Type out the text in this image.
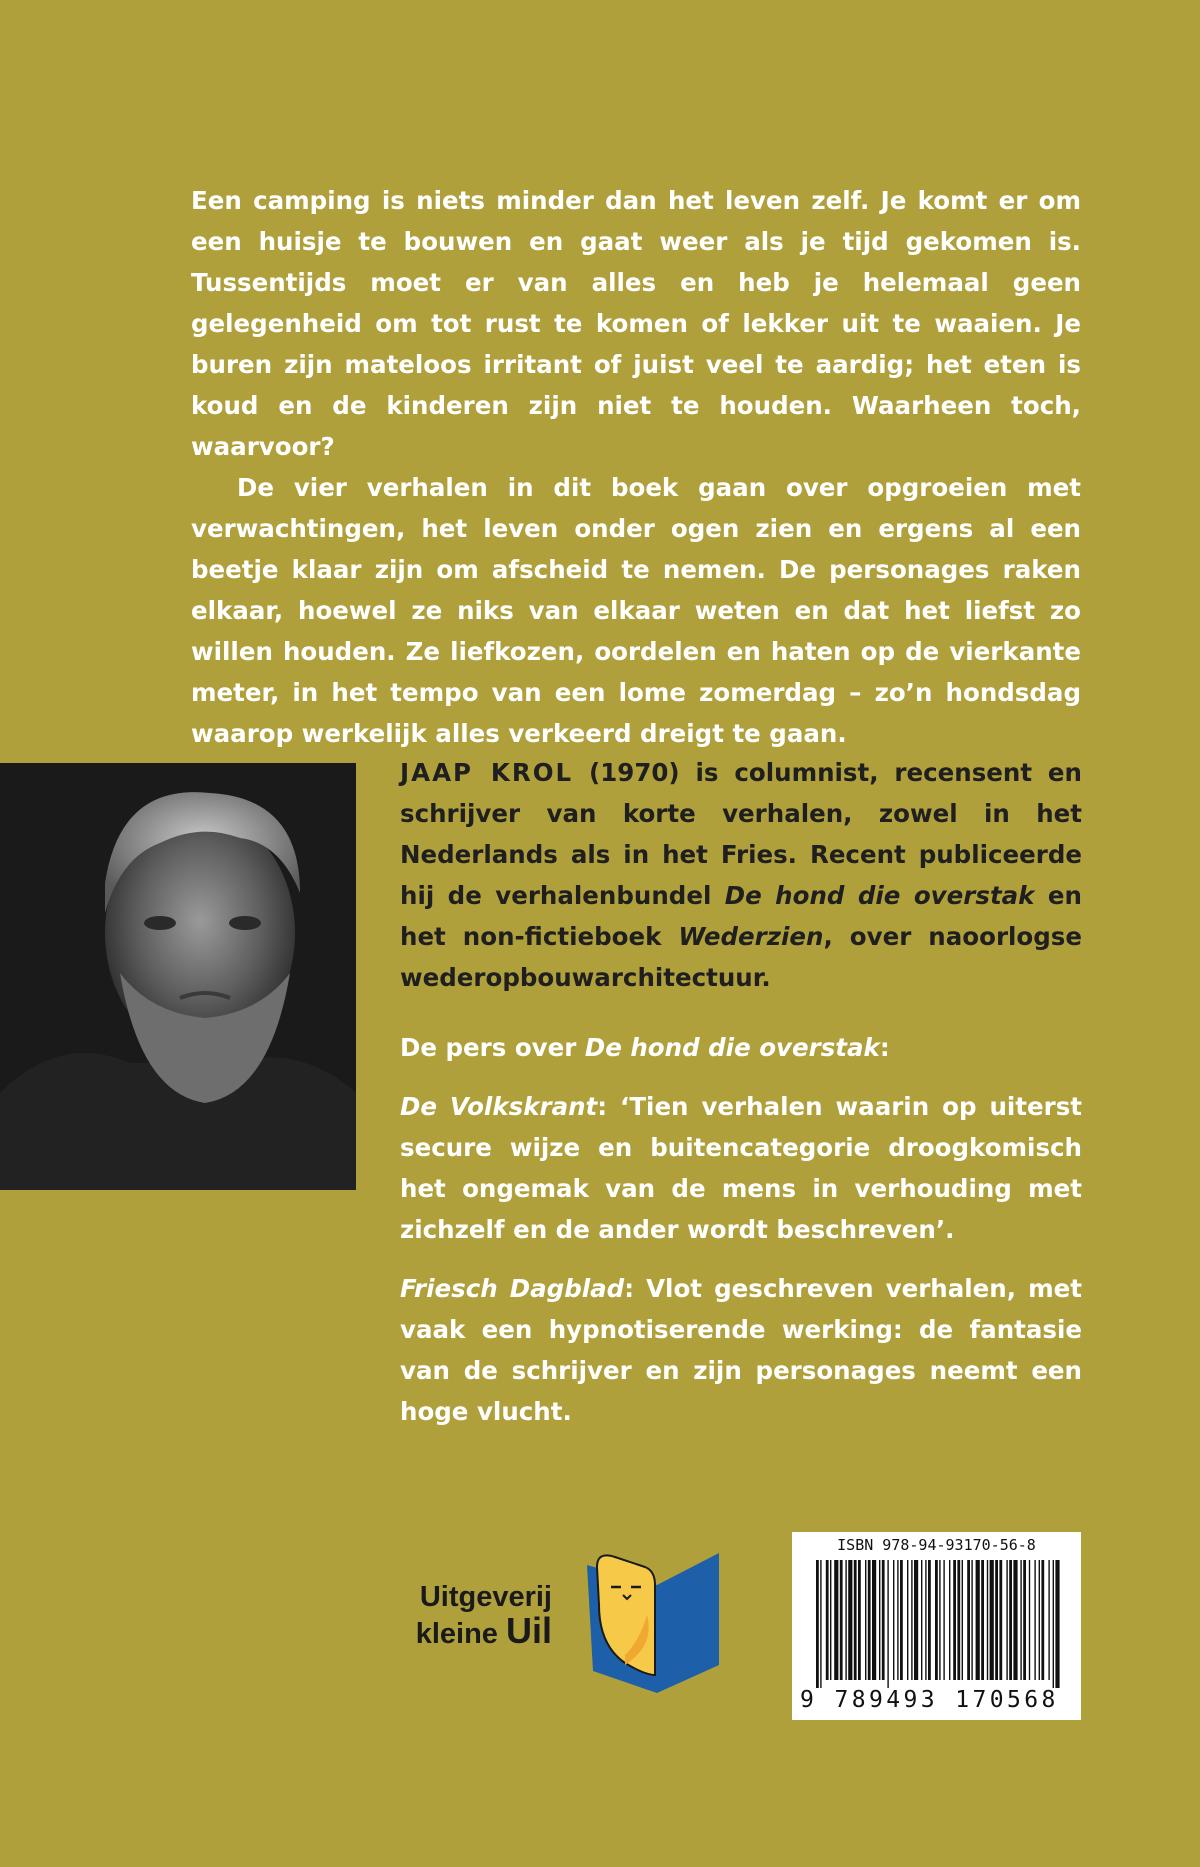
Een camping is niets minder dan het leven zelf. Je komt er om een huisje te bouwen en gaat weer als je tijd gekomen is. Tussentijds moet er van alles en heb je helemaal geen gelegenheid om tot rust te komen of lekker uit te waaien. Je buren zijn mateloos irritant of juist veel te aardig; het eten is koud en de kinderen zijn niet te houden. Waarheen toch, waarvoor?

De vier verhalen in dit boek gaan over opgroeien met verwachtingen, het leven onder ogen zien en ergens al een beetje klaar zijn om afscheid te nemen. De personages raken elkaar, hoewel ze niks van elkaar weten en dat het liefst zo willen houden. Ze liefkozen, oordelen en haten op de vierkante meter, in het tempo van een lome zomerdag – zo’n hondsdag waarop werkelijk alles verkeerd dreigt te gaan.

JAAP KROL (1970) is columnist, recensent en schrijver van korte verhalen, zowel in het Nederlands als in het Fries. Recent publiceerde hij de verhalenbundel De hond die overstak en het non-fictieboek Wederzien, over naoorlogse wederopbouwarchitectuur.

De pers over De hond die overstak:

De Volkskrant: ‘Tien verhalen waarin op uiterst secure wijze en buitencategorie droogkomisch het ongemak van de mens in verhouding met zichzelf en de ander wordt beschreven’.

Friesch Dagblad: Vlot geschreven verhalen, met vaak een hypnotiserende werking: de fantasie van de schrijver en zijn personages neemt een hoge vlucht.

Uitgeverij
kleine Uil
ISBN 978-94-93170-56-8
9 789493 170568
